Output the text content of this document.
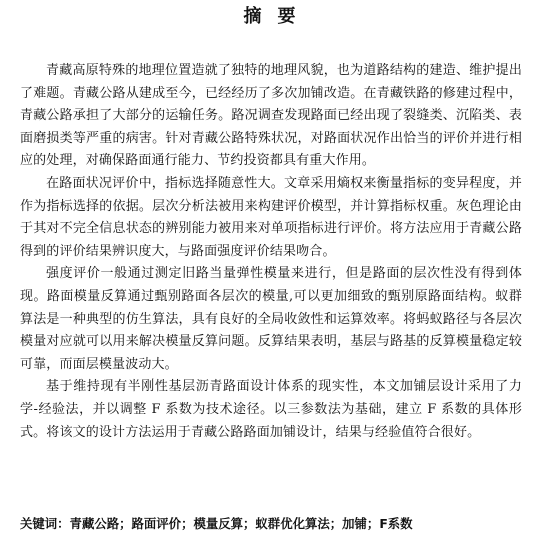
摘要

青藏高原特殊的地理位置造就了独特的地理风貌，也为道路结构的建造、维护提出了难题。青藏公路从建成至今，已经经历了多次加铺改造。在青藏铁路的修建过程中，青藏公路承担了大部分的运输任务。路况调查发现路面已经出现了裂缝类、沉陷类、表面磨损类等严重的病害。针对青藏公路特殊状况，对路面状况作出恰当的评价并进行相应的处理，对确保路面通行能力、节约投资都具有重大作用。

在路面状况评价中，指标选择随意性大。文章采用熵权来衡量指标的变异程度，并作为指标选择的依据。层次分析法被用来构建评价模型，并计算指标权重。灰色理论由于其对不完全信息状态的辨别能力被用来对单项指标进行评价。将方法应用于青藏公路得到的评价结果辨识度大，与路面强度评价结果吻合。

强度评价一般通过测定旧路当量弹性模量来进行，但是路面的层次性没有得到体现。路面模量反算通过甄别路面各层次的模量,可以更加细致的甄别原路面结构。蚁群算法是一种典型的仿生算法，具有良好的全局收敛性和运算效率。将蚂蚁路径与各层次模量对应就可以用来解决模量反算问题。反算结果表明，基层与路基的反算模量稳定较可靠，而面层模量波动大。

基于维持现有半刚性基层沥青路面设计体系的现实性，本文加铺层设计采用了力学-经验法，并以调整 F 系数为技术途径。以三参数法为基础，建立 F 系数的具体形式。将该文的设计方法运用于青藏公路路面加铺设计，结果与经验值符合很好。

关键词：青藏公路；路面评价；模量反算；蚁群优化算法；加铺；F系数
